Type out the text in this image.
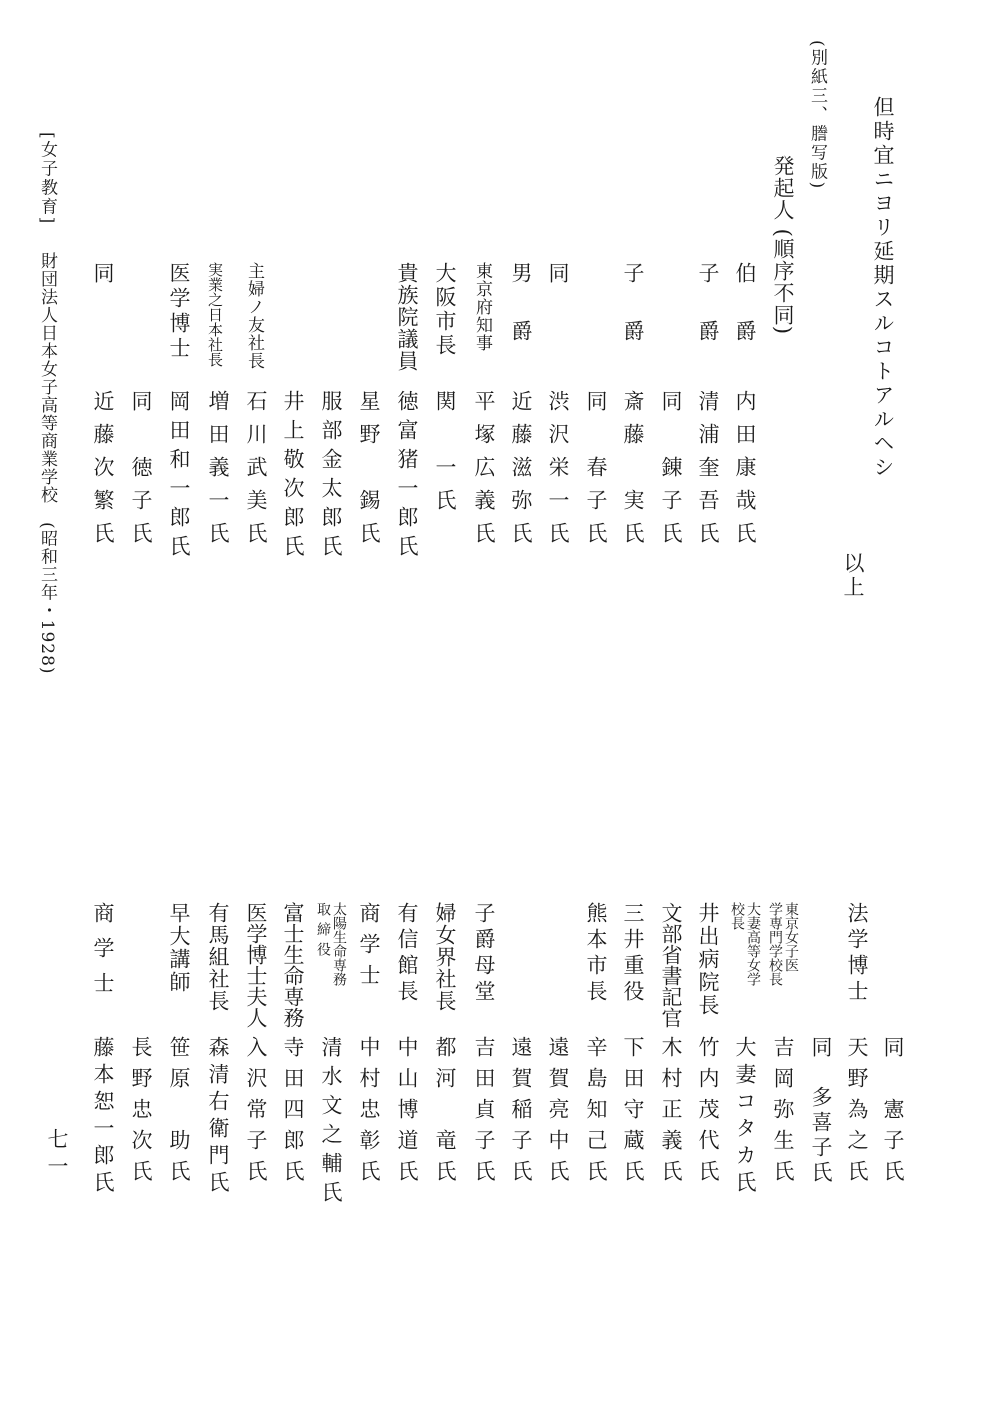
但時宜ニヨリ延期スルコトアルヘシ
以上
(別紙三、謄写版)
発起人 (順序不同)
伯　爵
内田康哉氏
子　爵
清浦奎吾氏
同　錬子氏
子　爵
斎藤　実氏
同　春子氏
同
渋沢栄一氏
男　爵
近藤滋弥氏
東京府知事
平塚広義氏
大阪市長
関　一氏
貴族院議員
徳富猪一郎氏
星野　錫氏
服部金太郎氏
井上敬次郎氏
主婦ノ友社長
石川武美氏
実業之日本社長
増田義一氏
医学博士
岡田和一郎氏
同　徳子氏
同
近藤次繁氏
同　憲子氏
法学博士
天野為之氏
同　多喜子氏
東京女子医
学専門学校長
吉岡弥生氏
大妻高等女学
校長
大妻コタカ氏
井出病院長
竹内茂代氏
文部省書記官
木村正義氏
三井重役
下田守蔵氏
熊本市長
辛島知己氏
遠賀亮中氏
遠賀稲子氏
子爵母堂
吉田貞子氏
婦女界社長
都河　竜氏
有信館長
中山博道氏
商学士
中村忠彰氏
太陽生命専務
取締役
清水文之輔氏
富士生命専務
寺田四郎氏
医学博士夫人
入沢常子氏
有馬組社長
森清右衛門氏
早大講師
笹原　助氏
長野忠次氏
商学士
藤本恕一郎氏
[女子教育]
財団法人日本女子高等商業学校　(昭和三年・1928)
七一
